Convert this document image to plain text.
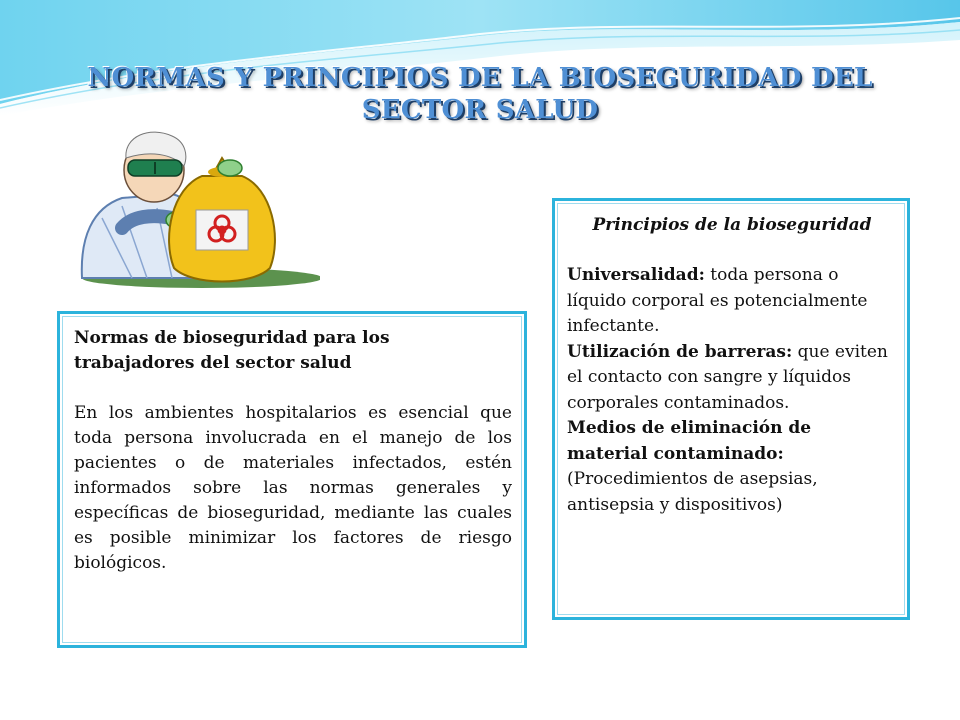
NORMAS Y PRINCIPIOS DE LA BIOSEGURIDAD DEL SECTOR SALUD

Normas de bioseguridad para los trabajadores del sector salud

En los ambientes hospitalarios es esencial que toda persona involucrada en el manejo de los pacientes o de materiales infectados, estén informados sobre las normas generales y específicas de bioseguridad, mediante las cuales es posible minimizar los factores de riesgo biológicos.

Principios de la bioseguridad

Universalidad: toda persona o líquido corporal es potencialmente infectante.
Utilización de barreras: que eviten el contacto con sangre y líquidos corporales contaminados.
Medios de eliminación de material contaminado: (Procedimientos de asepsias, antisepsia y dispositivos)
